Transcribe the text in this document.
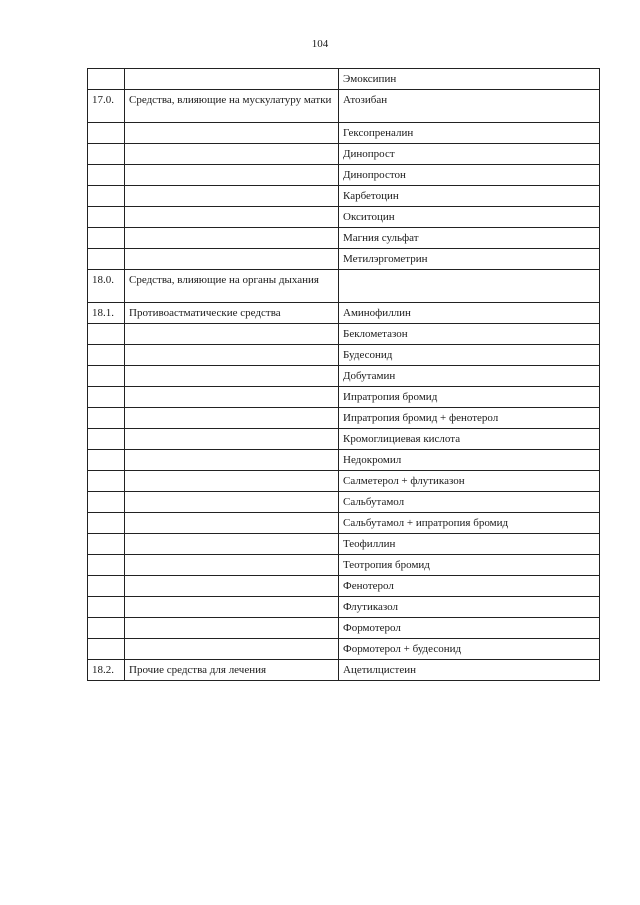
104
		Эмоксипин
17.0.	Средства, влияющие на мускулатуру матки	Атозибан
		Гексопреналин
		Динопрост
		Динопростон
		Карбетоцин
		Окситоцин
		Магния сульфат
		Метилэргометрин
18.0.	Средства, влияющие на органы дыхания	
18.1.	Противоастматические средства	Аминофиллин
		Беклометазон
		Будесонид
		Добутамин
		Ипратропия бромид
		Ипратропия бромид + фенотерол
		Кромоглициевая кислота
		Недокромил
		Салметерол + флутиказон
		Сальбутамол
		Сальбутамол + ипратропия бромид
		Теофиллин
		Теотропия бромид
		Фенотерол
		Флутиказол
		Формотерол
		Формотерол + будесонид
18.2.	Прочие средства для лечения	Ацетилцистеин
